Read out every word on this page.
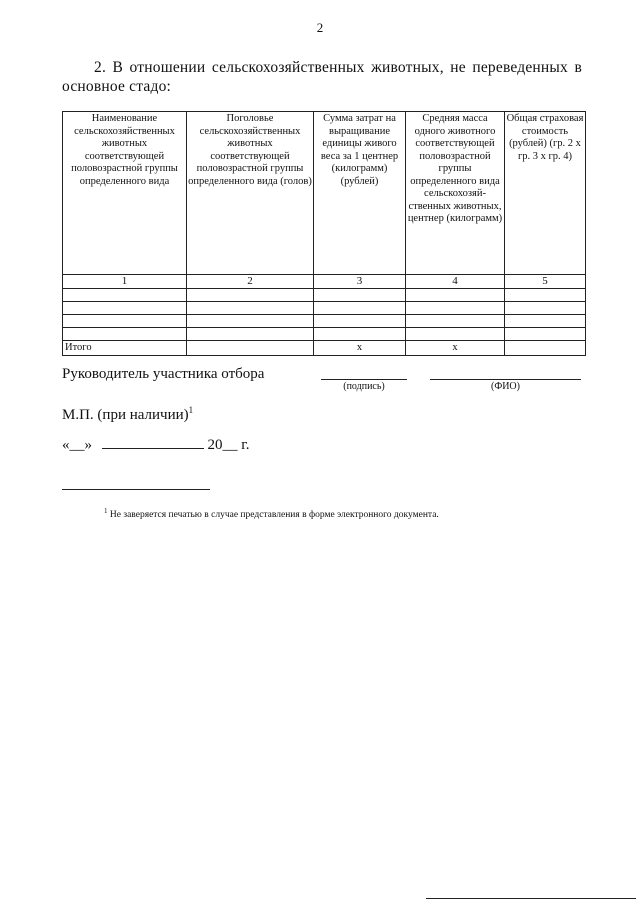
2
2. В отношении сельскохозяйственных животных, не переведенных в основное стадо:
Наименование сельскохозяйственных животных соответствующей половозрастной группы определенного вида	Поголовье сельскохозяйственных животных соответствующей половозрастной группы определенного вида (голов)	Сумма затрат на выращивание единицы живого веса за 1 центнер (килограмм) (рублей)	Средняя масса одного животного соответствующей половозрастной группы определенного вида сельскохозяй-ственных животных, центнер (килограмм)	Общая страховая стоимость (рублей) (гр. 2 x гр. 3 x гр. 4)
1	2	3	4	5

Итого		x	x	
Руководитель участника отбора
(подпись)	(ФИО)
М.П. (при наличии)$^1$
«__»	20__ г.
$^1$ Не заверяется печатью в случае представления в форме электронного документа.
